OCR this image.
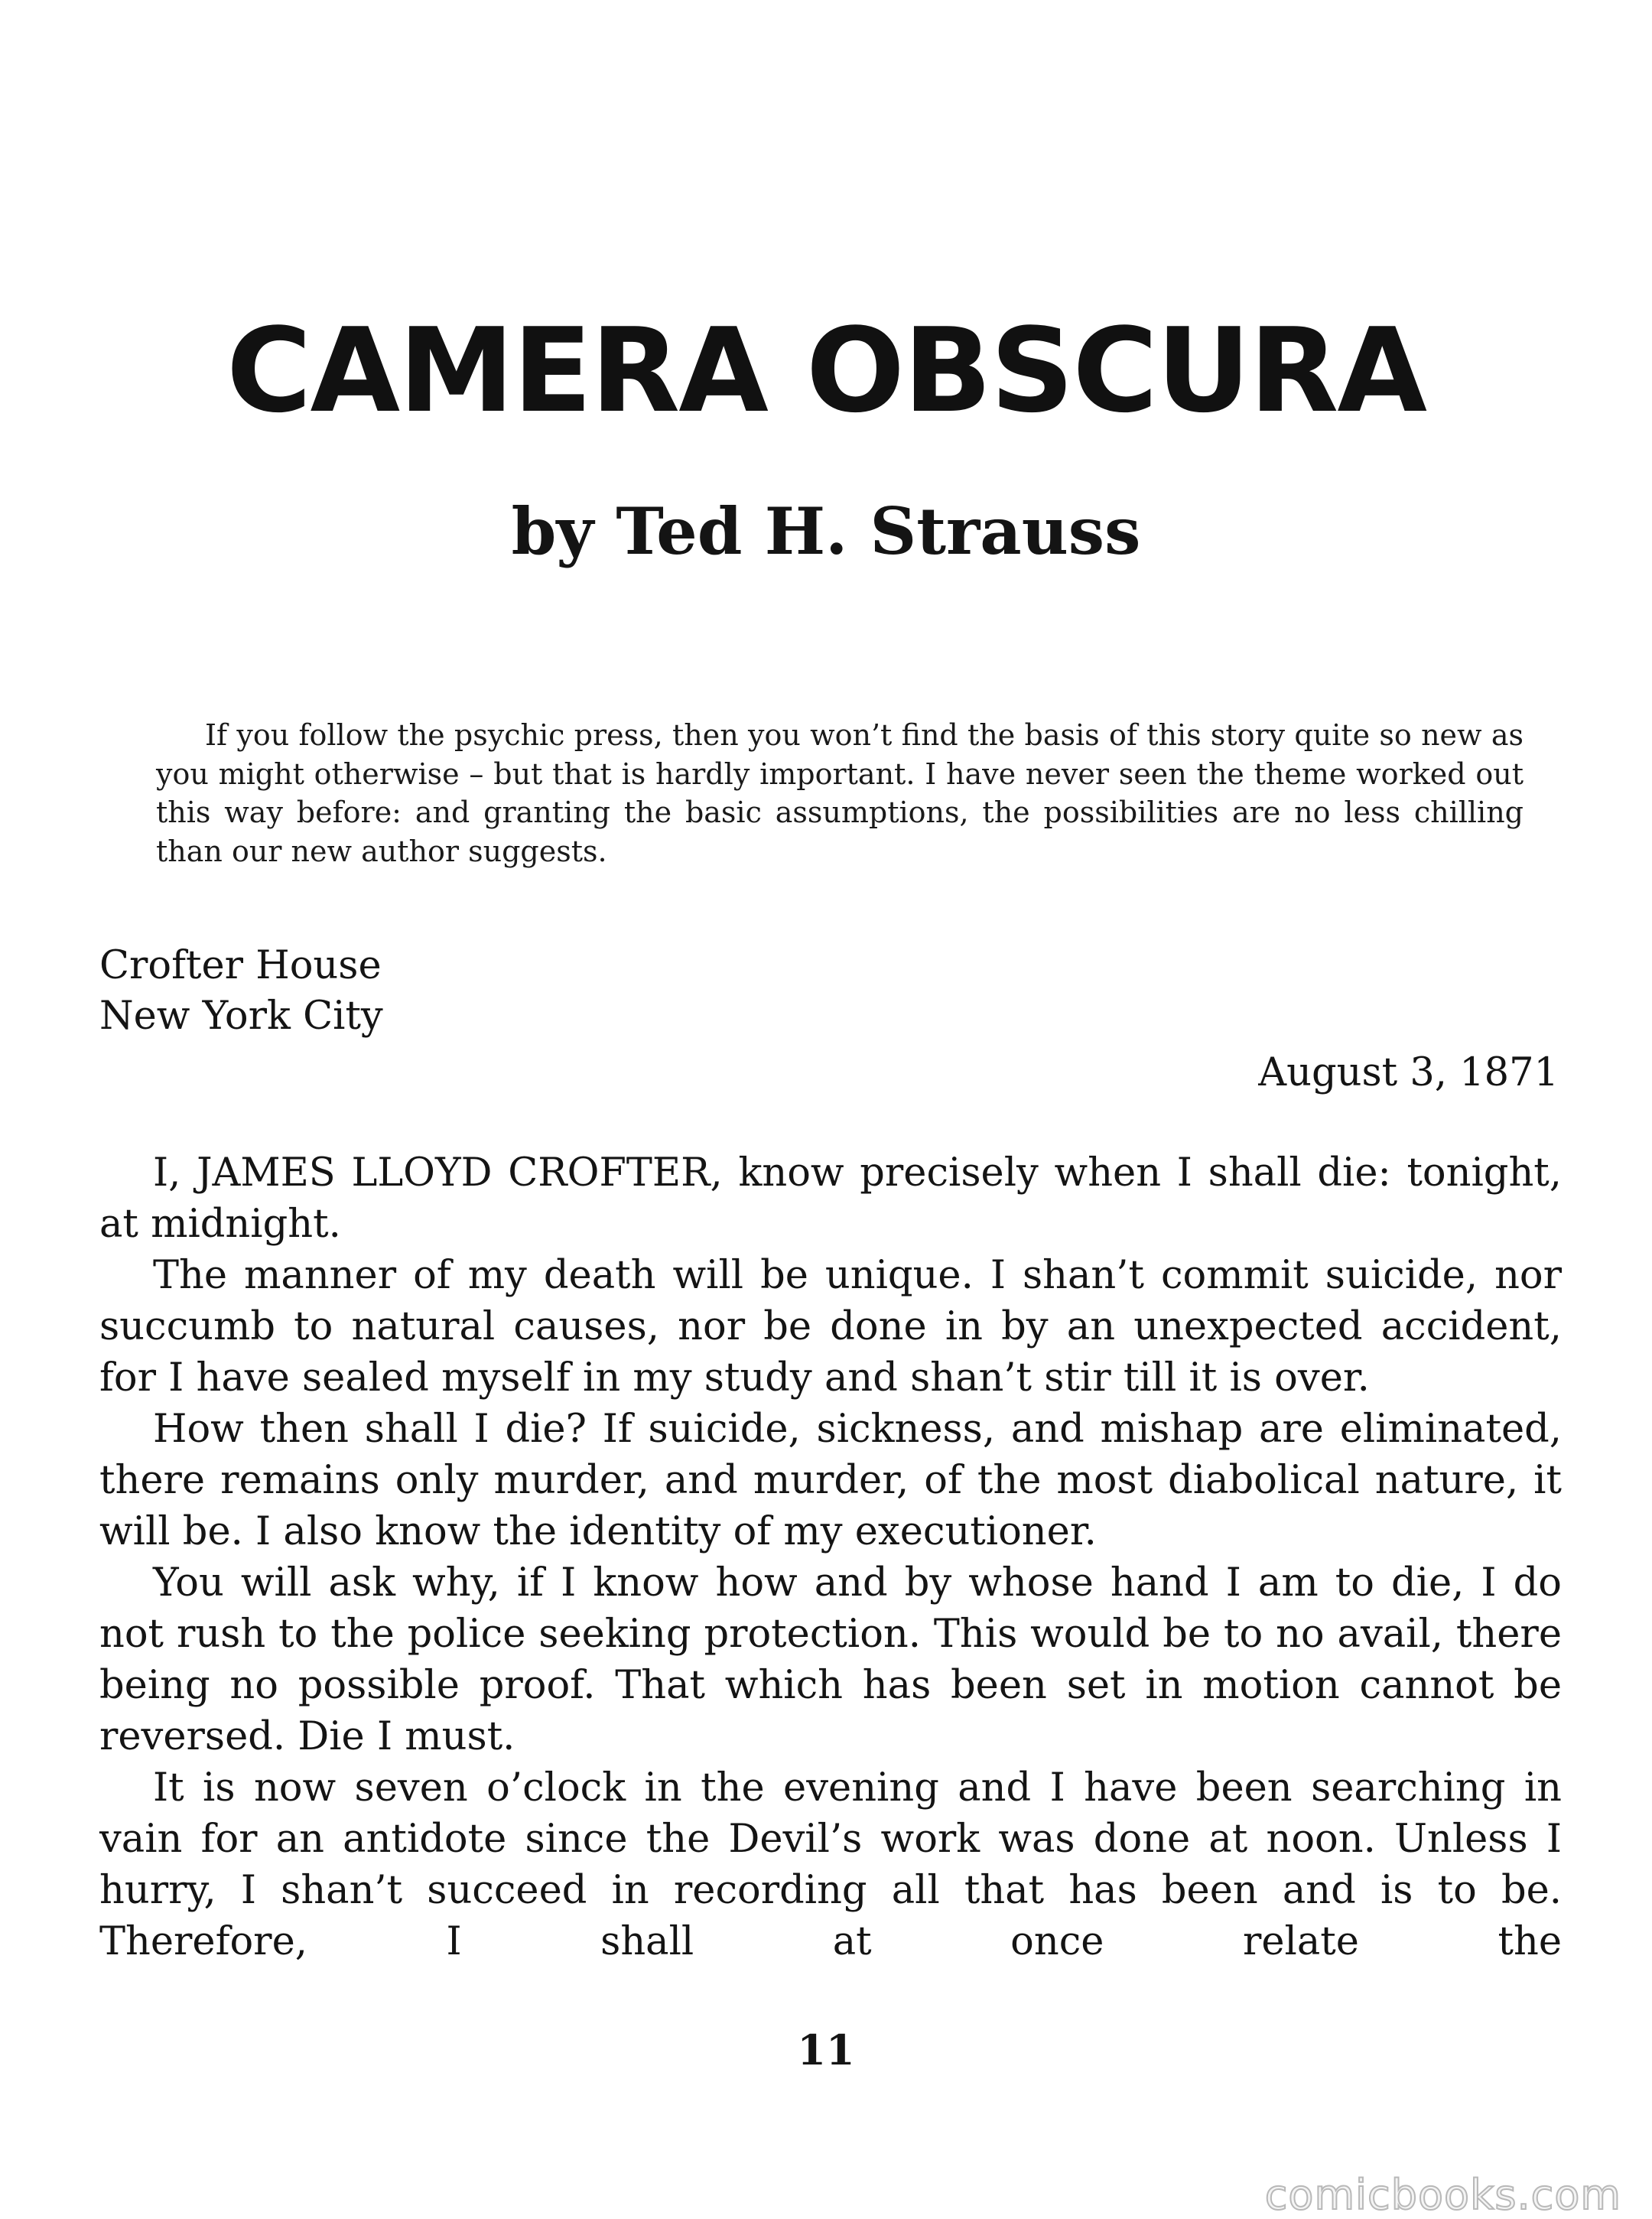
CAMERA OBSCURA
by Ted H. Strauss

If you follow the psychic press, then you won’t find the basis of this story quite so new as you might otherwise – but that is hardly important. I have never seen the theme worked out this way before: and granting the basic assumptions, the possibilities are no less chilling than our new author suggests.

Crofter House
New York City
August 3, 1871

I, JAMES LLOYD CROFTER, know precisely when I shall die: tonight, at midnight.

The manner of my death will be unique. I shan’t commit suicide, nor succumb to natural causes, nor be done in by an unexpected accident, for I have sealed myself in my study and shan’t stir till it is over.

How then shall I die? If suicide, sickness, and mishap are eliminated, there remains only murder, and murder, of the most diabolical nature, it will be. I also know the identity of my executioner.

You will ask why, if I know how and by whose hand I am to die, I do not rush to the police seeking protection. This would be to no avail, there being no possible proof. That which has been set in motion cannot be reversed. Die I must.

It is now seven o’clock in the evening and I have been searching in vain for an antidote since the Devil’s work was done at noon. Unless I hurry, I shan’t succeed in recording all that has been and is to be. Therefore, I shall at once relate the

11
comicbooks.com
